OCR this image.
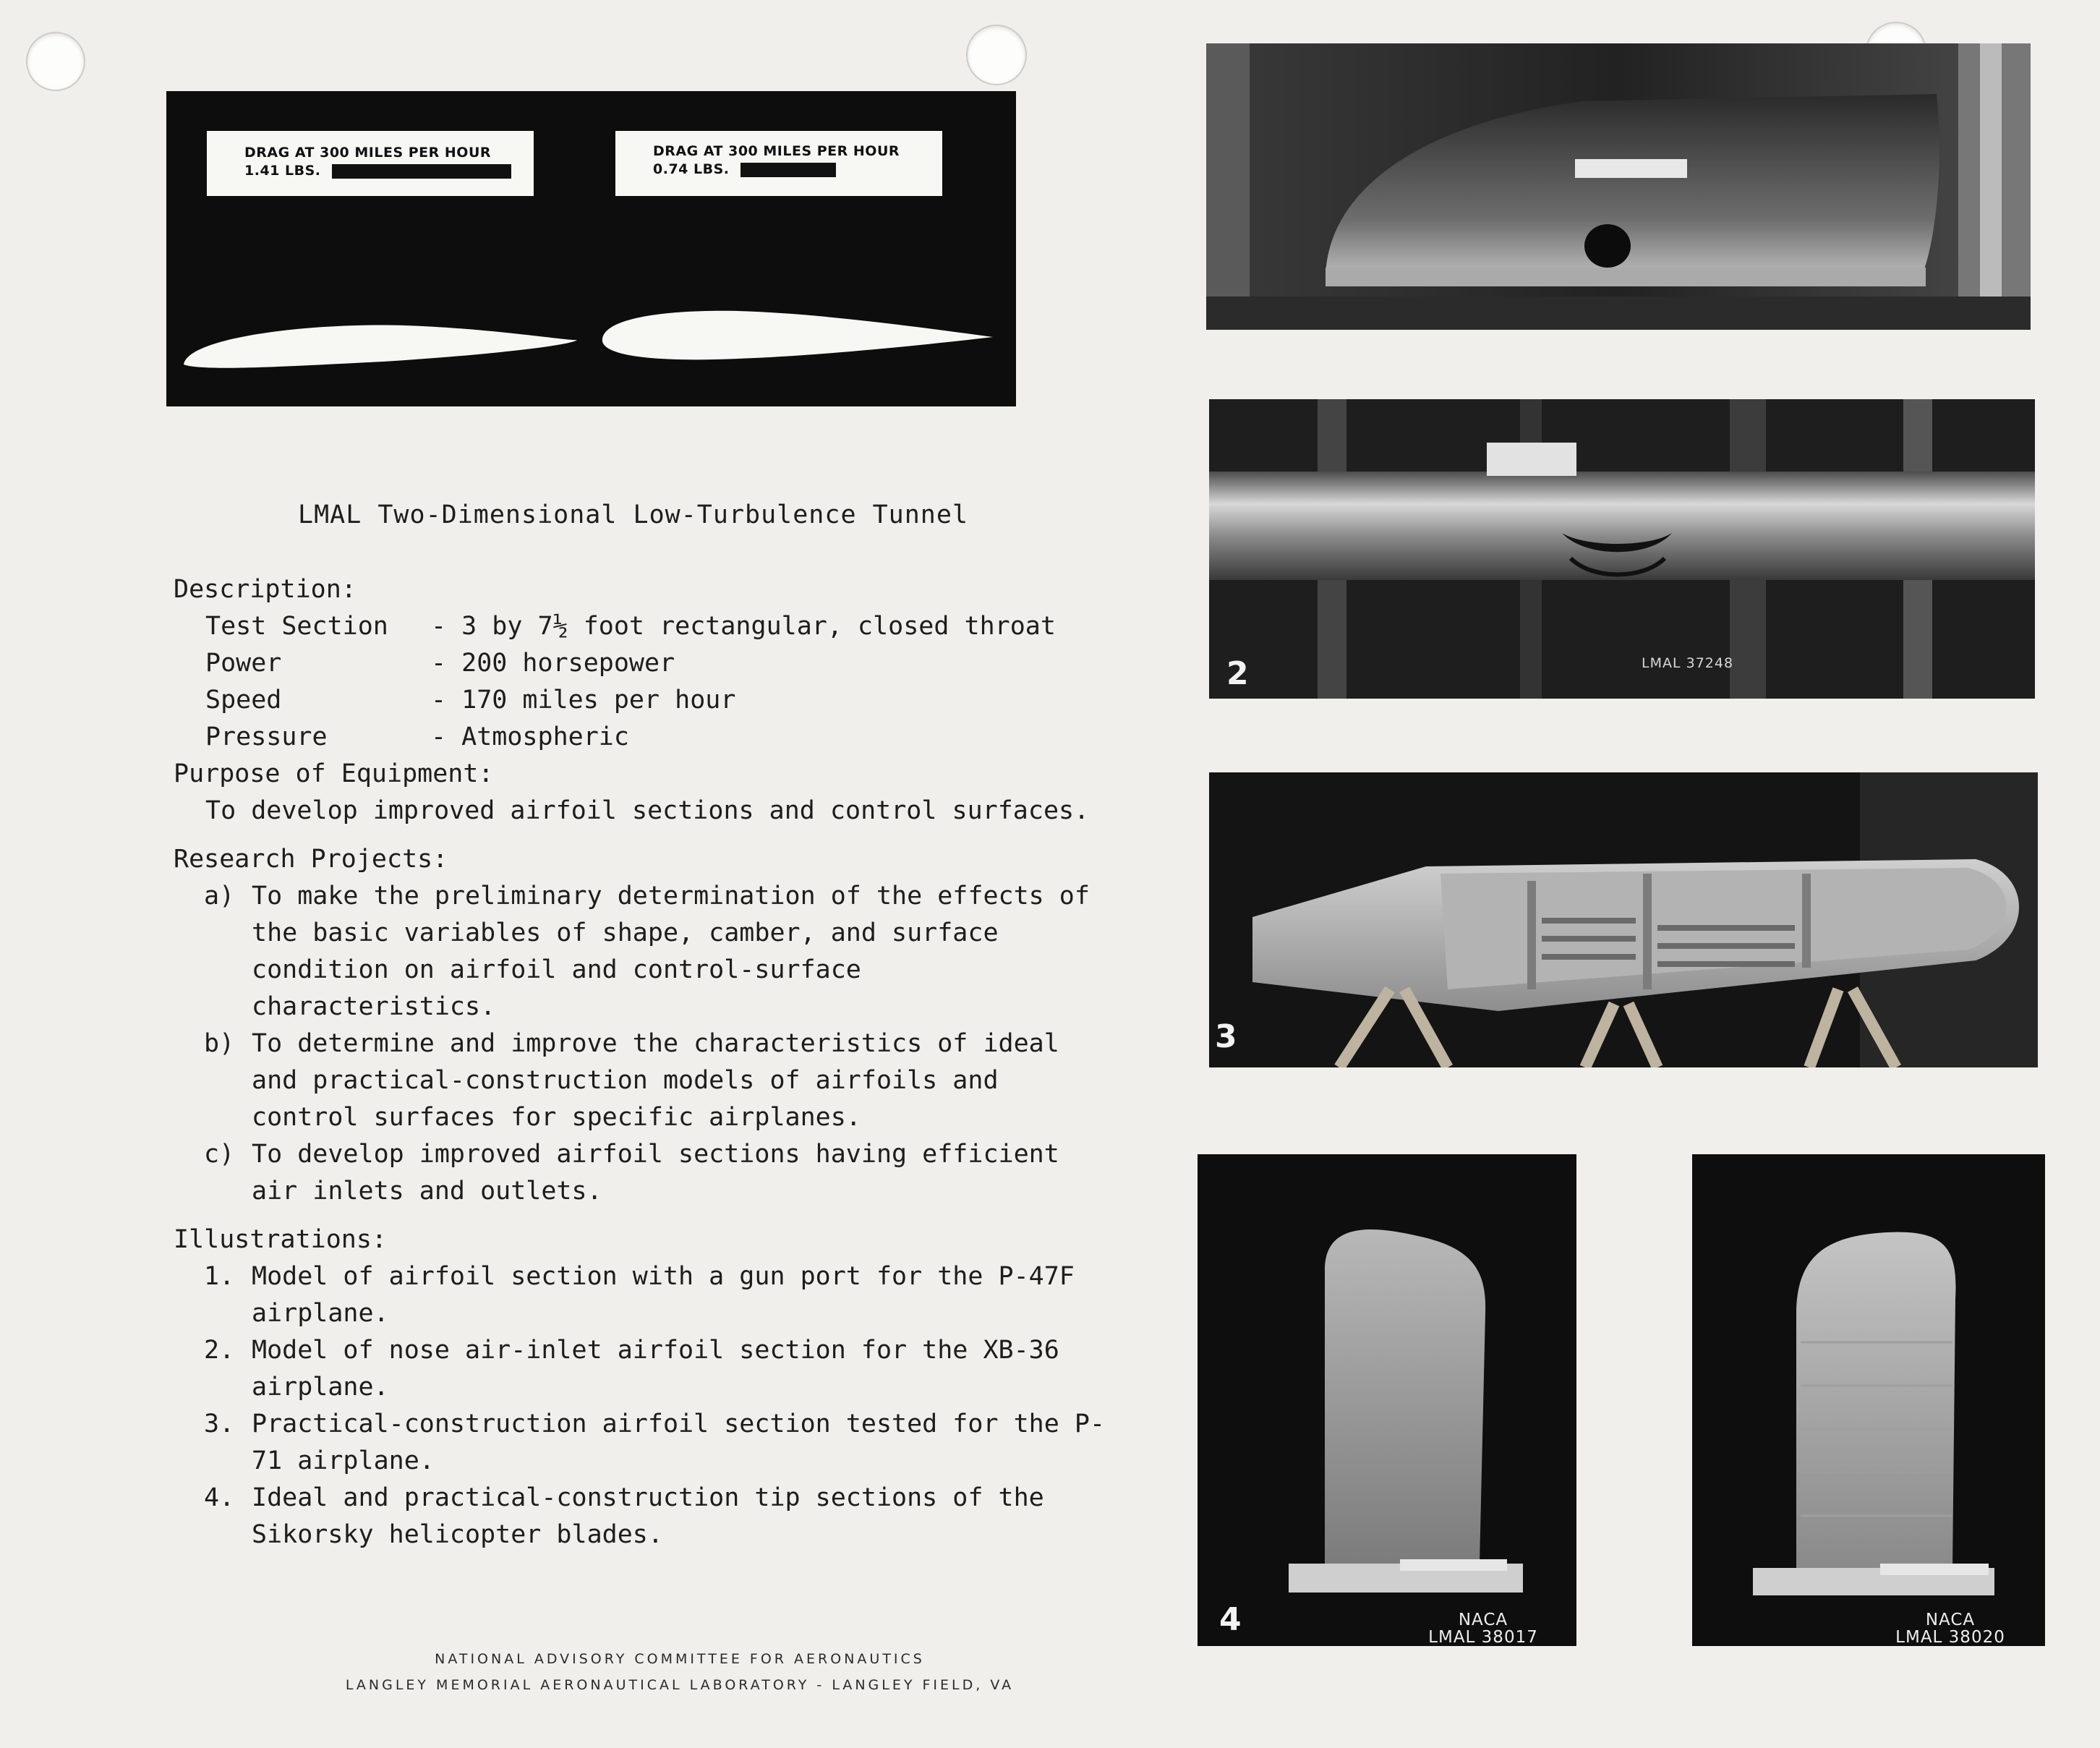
DRAG AT 300 MILES PER HOUR
1.41 LBS.
DRAG AT 300 MILES PER HOUR
0.74 LBS.
LMAL Two-Dimensional Low-Turbulence Tunnel
Description:
Test Section	- 3 by 7½ foot rectangular, closed throat
Power	- 200 horsepower
Speed	- 170 miles per hour
Pressure	- Atmospheric
Purpose of Equipment:
To develop improved airfoil sections and control surfaces.
Research Projects:
a) To make the preliminary determination of the effects of the basic variables of shape, camber, and surface condition on airfoil and control-surface characteristics.
b) To determine and improve the characteristics of ideal and practical-construction models of airfoils and control surfaces for specific airplanes.
c) To develop improved airfoil sections having efficient air inlets and outlets.
Illustrations:
1. Model of airfoil section with a gun port for the P-47F airplane.
2. Model of nose air-inlet airfoil section for the XB-36 airplane.
3. Practical-construction airfoil section tested for the P-71 airplane.
4. Ideal and practical-construction tip sections of the Sikorsky helicopter blades.
NATIONAL ADVISORY COMMITTEE FOR AERONAUTICS
LANGLEY MEMORIAL AERONAUTICAL LABORATORY - LANGLEY FIELD, VA
2	LMAL 37248
3
4	NACA
LMAL 38017
NACA
LMAL 38020
